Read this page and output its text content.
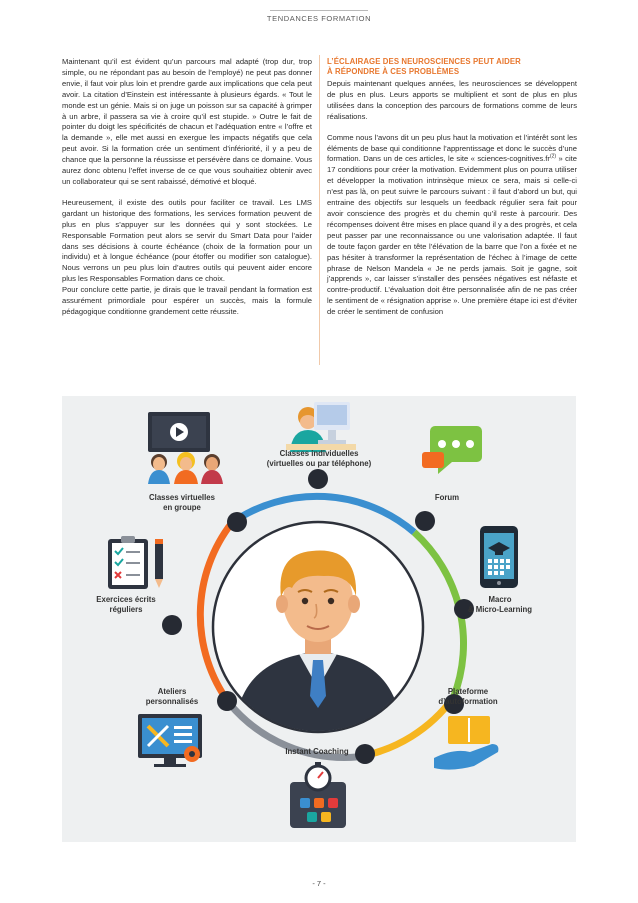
TENDANCES FORMATION

Maintenant qu’il est évident qu’un parcours mal adapté (trop dur, trop simple, ou ne répondant pas au besoin de l’employé) ne peut pas donner envie, il faut voir plus loin et prendre garde aux implications que cela peut avoir. La citation d’Einstein est intéressante à plusieurs égards. « Tout le monde est un génie. Mais si on juge un poisson sur sa capacité à grimper à un arbre, il passera sa vie à croire qu’il est stupide. » Outre le fait de pointer du doigt les spécificités de chacun et l’adéquation entre « l’offre et la demande », elle met aussi en exergue les impacts négatifs que cela peut avoir. Si la formation crée un sentiment d’infériorité, il y a peu de chance que la personne la réussisse et persévère dans ce domaine. Vous aurez donc obtenu l’effet inverse de ce que vous souhaitiez obtenir avec un collaborateur qui se sent rabaissé, démotivé et bloqué.

Heureusement, il existe des outils pour faciliter ce travail. Les LMS gardant un historique des formations, les services formation peuvent de plus en plus s’appuyer sur les données qui y sont stockées. Le Responsable Formation peut alors se servir du Smart Data pour l’aider dans ses décisions à courte échéance (choix de la formation pour un individu) et à longue échéance (pour étoffer ou modifier son catalogue). Nous verrons un peu plus loin d’autres outils qui peuvent aider encore plus les Responsables Formation dans ce choix.

Pour conclure cette partie, je dirais que le travail pendant la formation est assurément primordiale pour espérer un succès, mais la formule pédagogique conditionne grandement cette réussite.

L’ÉCLAIRAGE DES NEUROSCIENCES PEUT AIDER
À RÉPONDRE À CES PROBLÈMES

Depuis maintenant quelques années, les neurosciences se développent de plus en plus. Leurs apports se multiplient et sont de plus en plus utilisées dans la conception des parcours de formations comme de leurs réalisations.

Comme nous l’avons dit un peu plus haut la motivation et l’intérêt sont les éléments de base qui conditionne l’apprentissage et donc le succès d’une formation. Dans un de ces articles, le site « sciences-$cognitives.fr^{(2)}$ » cite 17 conditions pour créer la motivation. Evidemment plus on pourra utiliser et développer la motivation intrinsèque mieux ce sera, mais si celle-ci n’est pas là, on peut suivre le parcours suivant : il faut d’abord un but, qui entraine des objectifs sur lesquels un feedback régulier sera fait pour avoir conscience des progrès et du chemin qu’il reste à parcourir. Des récompenses doivent être mises en place quand il y a des progrès, et cela peut passer par une reconnaissance ou une valorisation adaptée. Il faut de toute façon garder en tête l’élévation de la barre que l’on a fixée et ne pas hésiter à transformer la représentation de l’échec à l’image de cette phrase de Nelson Mandela « Je ne perds jamais. Soit je gagne, soit j’apprends », car laisser s’installer des pensées négatives est néfaste et contre-productif. L’évaluation doit être personnalisée afin de ne pas créer le sentiment de « résignation apprise ». Une première étape ici est d’éviter de créer le sentiment de confusion

Classes individuelles
(virtuelles ou par téléphone)
Classes virtuelles
en groupe
Forum
Exercices écrits
réguliers
Macro
& Micro-Learning
Ateliers
personnalisés
Plateforme
d’autoformation
Instant Coaching
- 7 -
